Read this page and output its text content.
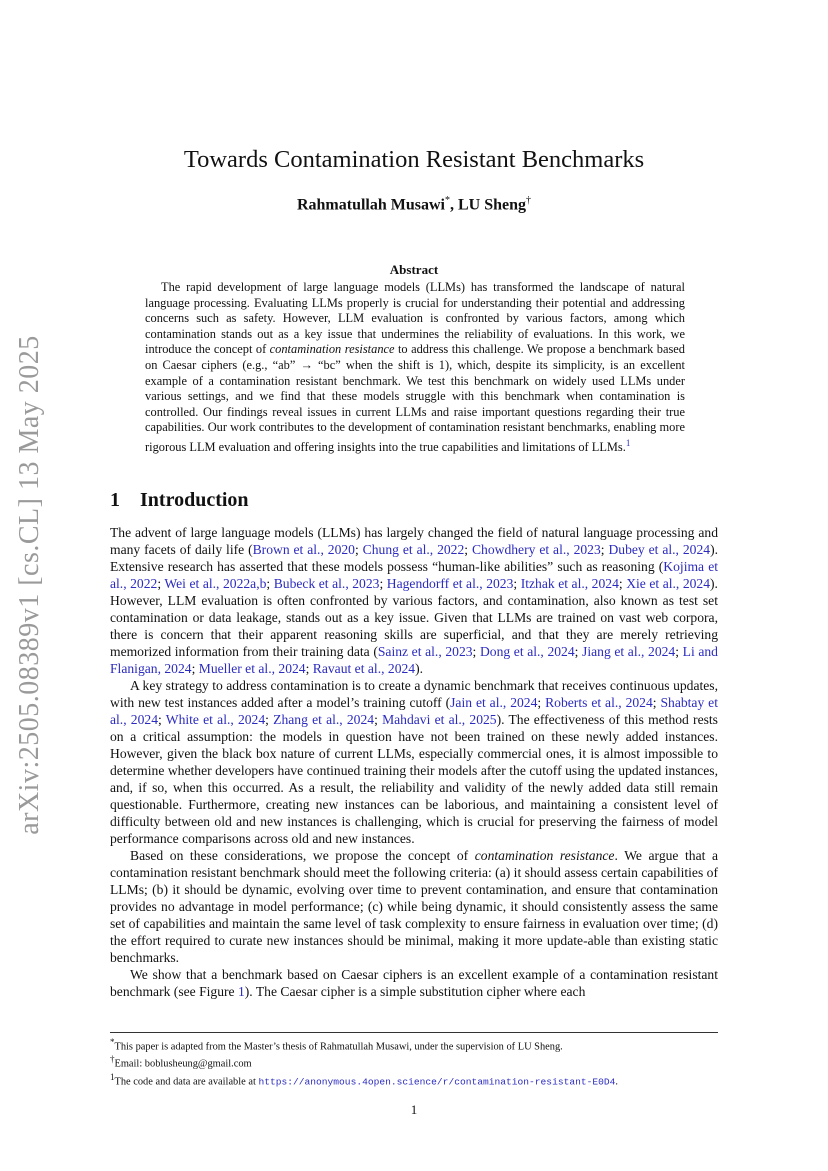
arXiv:2505.08389v1 [cs.CL] 13 May 2025
Towards Contamination Resistant Benchmarks
Rahmatullah Musawi*, LU Sheng†
Abstract

The rapid development of large language models (LLMs) has transformed the landscape of natural language processing. Evaluating LLMs properly is crucial for understanding their potential and addressing concerns such as safety. However, LLM evaluation is confronted by various factors, among which contamination stands out as a key issue that undermines the reliability of evaluations. In this work, we introduce the concept of contamination resistance to address this challenge. We propose a benchmark based on Caesar ciphers (e.g., “ab” → “bc” when the shift is 1), which, despite its simplicity, is an excellent example of a contamination resistant benchmark. We test this benchmark on widely used LLMs under various settings, and we find that these models struggle with this benchmark when contamination is controlled. Our findings reveal issues in current LLMs and raise important questions regarding their true capabilities. Our work contributes to the development of contamination resistant benchmarks, enabling more rigorous LLM evaluation and offering insights into the true capabilities and limitations of LLMs.$^1$

1 Introduction

The advent of large language models (LLMs) has largely changed the field of natural language processing and many facets of daily life (Brown et al., 2020; Chung et al., 2022; Chowdhery et al., 2023; Dubey et al., 2024). Extensive research has asserted that these models possess “human-like abilities” such as reasoning (Kojima et al., 2022; Wei et al., 2022a,b; Bubeck et al., 2023; Hagendorff et al., 2023; Itzhak et al., 2024; Xie et al., 2024). However, LLM evaluation is often confronted by various factors, and contamination, also known as test set contamination or data leakage, stands out as a key issue. Given that LLMs are trained on vast web corpora, there is concern that their apparent reasoning skills are superficial, and that they are merely retrieving memorized information from their training data (Sainz et al., 2023; Dong et al., 2024; Jiang et al., 2024; Li and Flanigan, 2024; Mueller et al., 2024; Ravaut et al., 2024).

A key strategy to address contamination is to create a dynamic benchmark that receives continuous updates, with new test instances added after a model’s training cutoff (Jain et al., 2024; Roberts et al., 2024; Shabtay et al., 2024; White et al., 2024; Zhang et al., 2024; Mahdavi et al., 2025). The effectiveness of this method rests on a critical assumption: the models in question have not been trained on these newly added instances. However, given the black box nature of current LLMs, especially commercial ones, it is almost impossible to determine whether developers have continued training their models after the cutoff using the updated instances, and, if so, when this occurred. As a result, the reliability and validity of the newly added data still remain questionable. Furthermore, creating new instances can be laborious, and maintaining a consistent level of difficulty between old and new instances is challenging, which is crucial for preserving the fairness of model performance comparisons across old and new instances.

Based on these considerations, we propose the concept of contamination resistance. We argue that a contamination resistant benchmark should meet the following criteria: (a) it should assess certain capabilities of LLMs; (b) it should be dynamic, evolving over time to prevent contamination, and ensure that contamination provides no advantage in model performance; (c) while being dynamic, it should consistently assess the same set of capabilities and maintain the same level of task complexity to ensure fairness in evaluation over time; (d) the effort required to curate new instances should be minimal, making it more update-able than existing static benchmarks.

We show that a benchmark based on Caesar ciphers is an excellent example of a contamination resistant benchmark (see Figure 1). The Caesar cipher is a simple substitution cipher where each

*This paper is adapted from the Master’s thesis of Rahmatullah Musawi, under the supervision of LU Sheng.
†Email: boblusheung@gmail.com
$^1$The code and data are available at https://anonymous.4open.science/r/contamination-resistant-E0D4.
1
